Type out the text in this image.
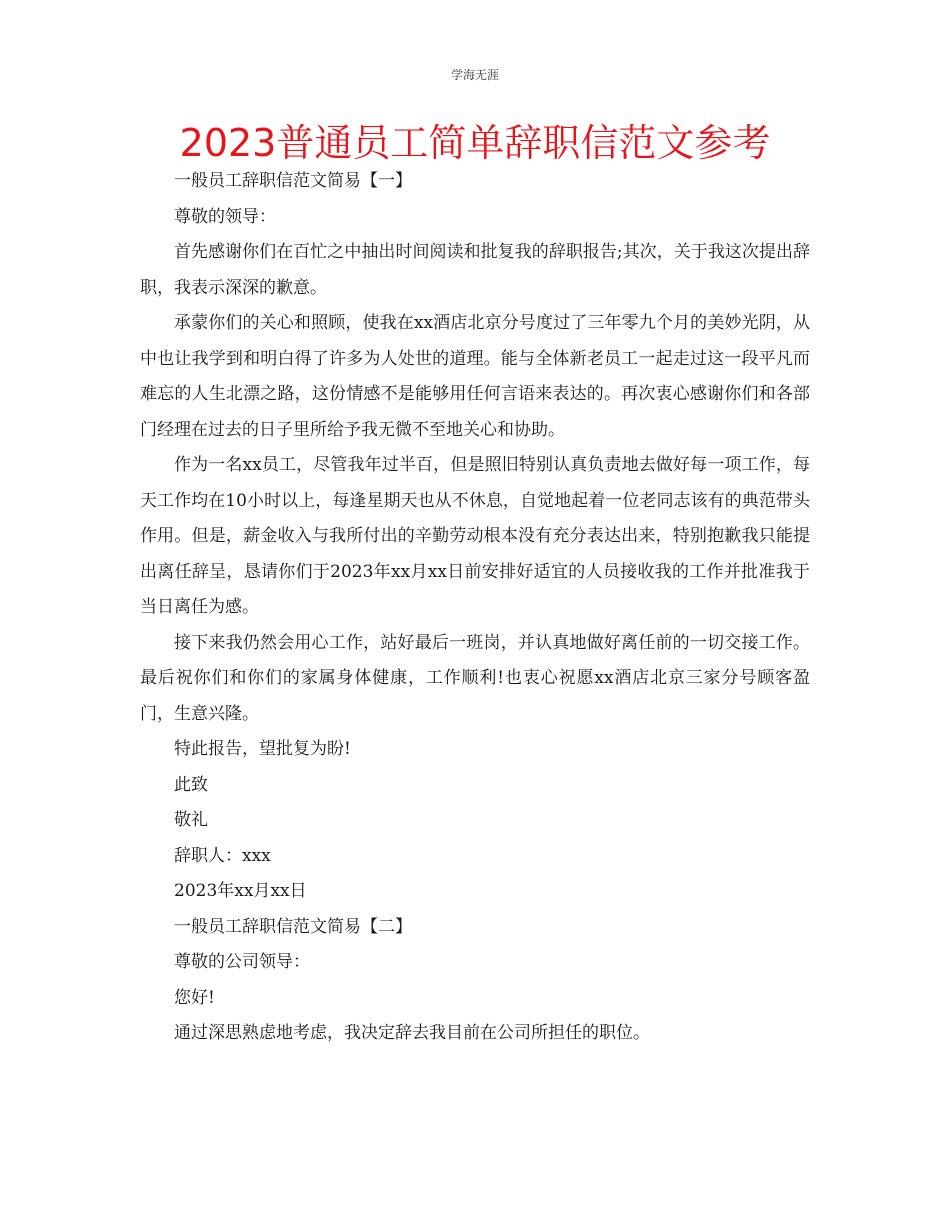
学海无涯
2023普通员工简单辞职信范文参考

一般员工辞职信范文简易【一】

尊敬的领导：

首先感谢你们在百忙之中抽出时间阅读和批复我的辞职报告;其次，关于我这次提出辞职，我表示深深的歉意。

承蒙你们的关心和照顾，使我在xx酒店北京分号度过了三年零九个月的美妙光阴，从中也让我学到和明白得了许多为人处世的道理。能与全体新老员工一起走过这一段平凡而难忘的人生北漂之路，这份情感不是能够用任何言语来表达的。再次衷心感谢你们和各部门经理在过去的日子里所给予我无微不至地关心和协助。

作为一名xx员工，尽管我年过半百，但是照旧特别认真负责地去做好每一项工作，每天工作均在10小时以上，每逢星期天也从不休息，自觉地起着一位老同志该有的典范带头作用。但是，薪金收入与我所付出的辛勤劳动根本没有充分表达出来，特别抱歉我只能提出离任辞呈，恳请你们于2023年xx月xx日前安排好适宜的人员接收我的工作并批准我于当日离任为感。

接下来我仍然会用心工作，站好最后一班岗，并认真地做好离任前的一切交接工作。最后祝你们和你们的家属身体健康，工作顺利!也衷心祝愿xx酒店北京三家分号顾客盈门，生意兴隆。

特此报告，望批复为盼!

此致

敬礼

辞职人：xxx

2023年xx月xx日

一般员工辞职信范文简易【二】

尊敬的公司领导：

您好!

通过深思熟虑地考虑，我决定辞去我目前在公司所担任的职位。
